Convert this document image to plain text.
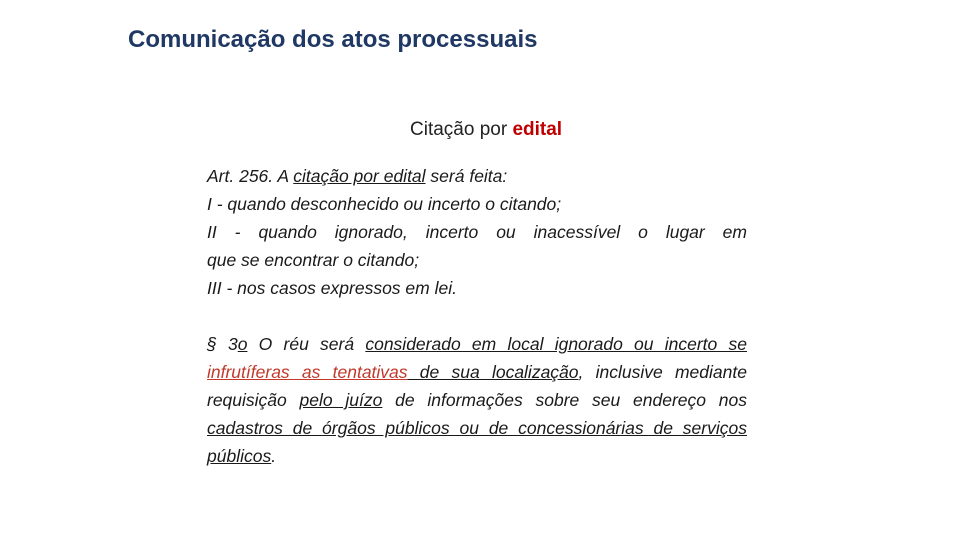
Comunicação dos atos processuais
Citação por edital
Art. 256. A citação por edital será feita:
I - quando desconhecido ou incerto o citando;
II - quando ignorado, incerto ou inacessível o lugar em
que se encontrar o citando;
III - nos casos expressos em lei.
§ 3o O réu será considerado em local ignorado ou incerto se infrutíferas as tentativas de sua localização, inclusive mediante requisição pelo juízo de informações sobre seu endereço nos cadastros de órgãos públicos ou de concessionárias de serviços públicos.
